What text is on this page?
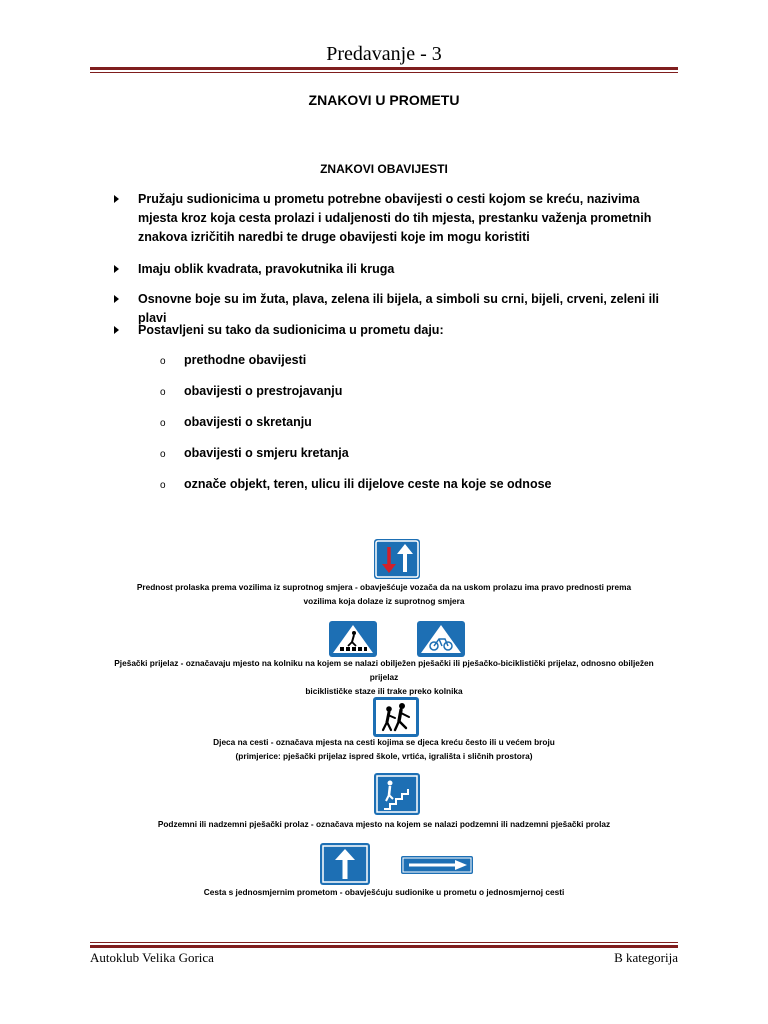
Predavanje - 3
ZNAKOVI U PROMETU
ZNAKOVI OBAVIJESTI
Pružaju sudionicima u prometu potrebne obavijesti o cesti kojom se kreću, nazivima mjesta kroz koja cesta prolazi i udaljenosti do tih mjesta, prestanku važenja prometnih znakova izričitih naredbi te druge obavijesti koje im mogu koristiti
Imaju oblik kvadrata, pravokutnika ili kruga
Osnovne boje su im žuta, plava, zelena ili bijela, a simboli su crni, bijeli, crveni, zeleni ili plavi
Postavljeni su tako da sudionicima u prometu daju:
o prethodne obavijesti
o obavijesti o prestrojavanju
o obavijesti o skretanju
o obavijesti o smjeru kretanja
o označe objekt, teren, ulicu ili dijelove ceste na koje se odnose
Prednost prolaska prema vozilima iz suprotnog smjera - obavješćuje vozača da na uskom prolazu ima pravo prednosti prema
vozilima koja dolaze iz suprotnog smjera
Pješački prijelaz - označavaju mjesto na kolniku na kojem se nalazi obilježen pješački ili pješačko-biciklistički prijelaz, odnosno obilježen prijelaz
biciklističke staze ili trake preko kolnika
Djeca na cesti - označava mjesta na cesti kojima se djeca kreću često ili u većem broju
(primjerice: pješački prijelaz ispred škole, vrtića, igrališta i sličnih prostora)
Podzemni ili nadzemni pješački prolaz - označava mjesto na kojem se nalazi podzemni ili nadzemni pješački prolaz
Cesta s jednosmjernim prometom - obavješćuju sudionike u prometu o jednosmjernoj cesti
Autoklub Velika Gorica	B kategorija
